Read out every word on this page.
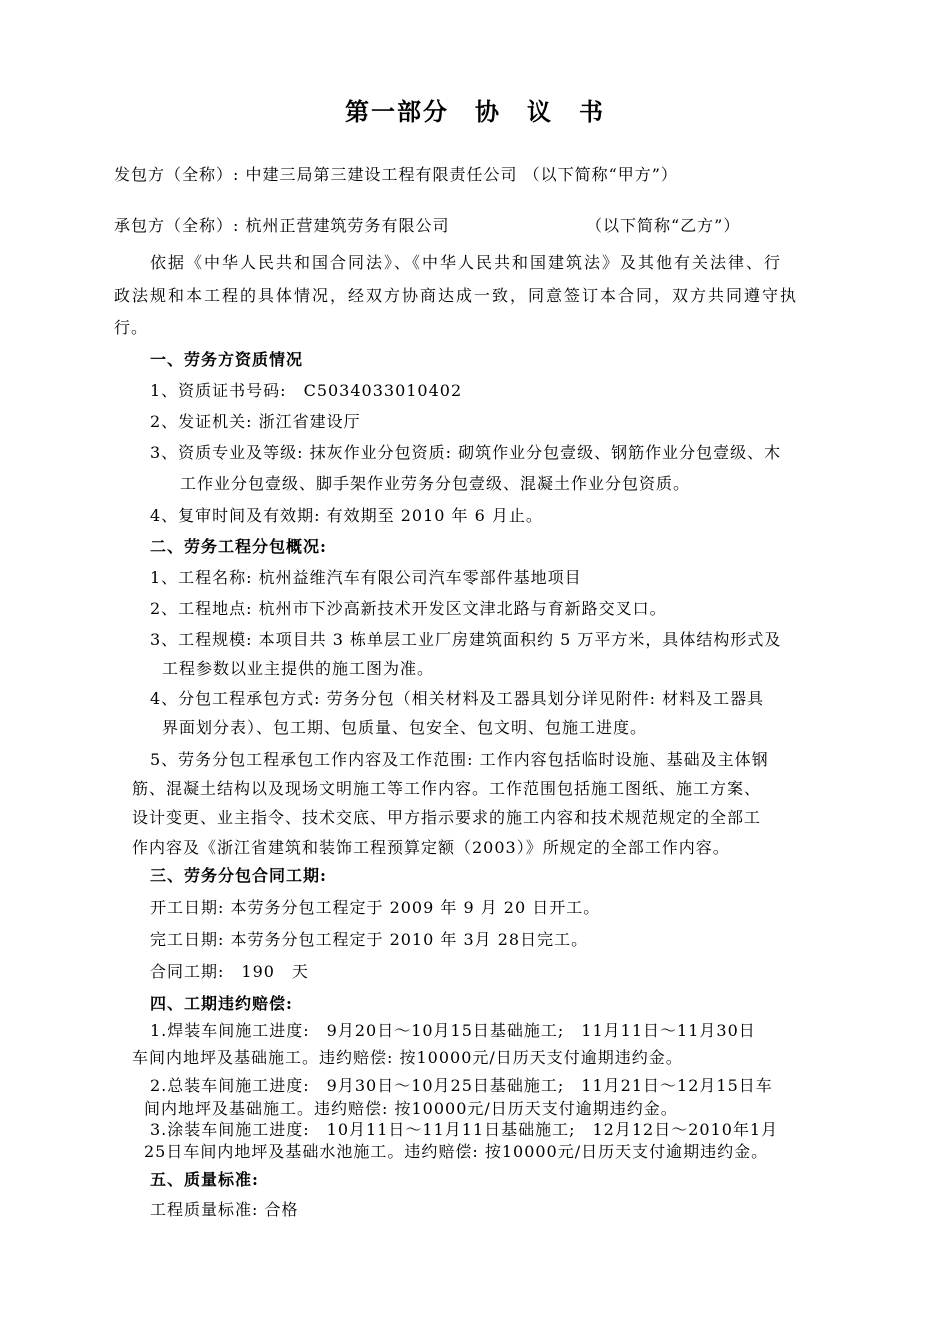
第一部分　协　议　书
发包方（全称）: 中建三局第三建设工程有限责任公司 （以下简称“甲方”）
承包方（全称）: 杭州正营建筑劳务有限公司	（以下简称“乙方”）
依据《中华人民共和国合同法》、《中华人民共和国建筑法》及其他有关法律、行
政法规和本工程的具体情况，经双方协商达成一致，同意签订本合同，双方共同遵守执
行。
一、劳务方资质情况
1、资质证书号码:　C5034033010402
2、发证机关: 浙江省建设厅
3、资质专业及等级: 抹灰作业分包资质: 砌筑作业分包壹级、钢筋作业分包壹级、木
工作业分包壹级、脚手架作业劳务分包壹级、混凝土作业分包资质。
4、复审时间及有效期: 有效期至 2010 年 6 月止。
二、劳务工程分包概况:
1、工程名称: 杭州益维汽车有限公司汽车零部件基地项目
2、工程地点: 杭州市下沙高新技术开发区文津北路与育新路交叉口。
3、工程规模: 本项目共 3 栋单层工业厂房建筑面积约 5 万平方米，具体结构形式及
工程参数以业主提供的施工图为准。
4、分包工程承包方式: 劳务分包（相关材料及工器具划分详见附件: 材料及工器具
界面划分表）、包工期、包质量、包安全、包文明、包施工进度。
5、劳务分包工程承包工作内容及工作范围: 工作内容包括临时设施、基础及主体钢
筋、混凝土结构以及现场文明施工等工作内容。工作范围包括施工图纸、施工方案、
设计变更、业主指令、技术交底、甲方指示要求的施工内容和技术规范规定的全部工
作内容及《浙江省建筑和装饰工程预算定额（2003）》所规定的全部工作内容。
三、劳务分包合同工期:
开工日期: 本劳务分包工程定于 2009 年 9 月 20 日开工。
完工日期: 本劳务分包工程定于 2010 年 3月 28日完工。
合同工期:　190　天
四、工期违约赔偿:
1.焊装车间施工进度:　9月20日～10月15日基础施工;　11月11日～11月30日
车间内地坪及基础施工。违约赔偿: 按10000元/日历天支付逾期违约金。
2.总装车间施工进度:　9月30日～10月25日基础施工;　11月21日～12月15日车
间内地坪及基础施工。违约赔偿: 按10000元/日历天支付逾期违约金。
3.涂装车间施工进度:　10月11日～11月11日基础施工;　12月12日～2010年1月
25日车间内地坪及基础水池施工。违约赔偿: 按10000元/日历天支付逾期违约金。
五、质量标准:
工程质量标准: 合格
